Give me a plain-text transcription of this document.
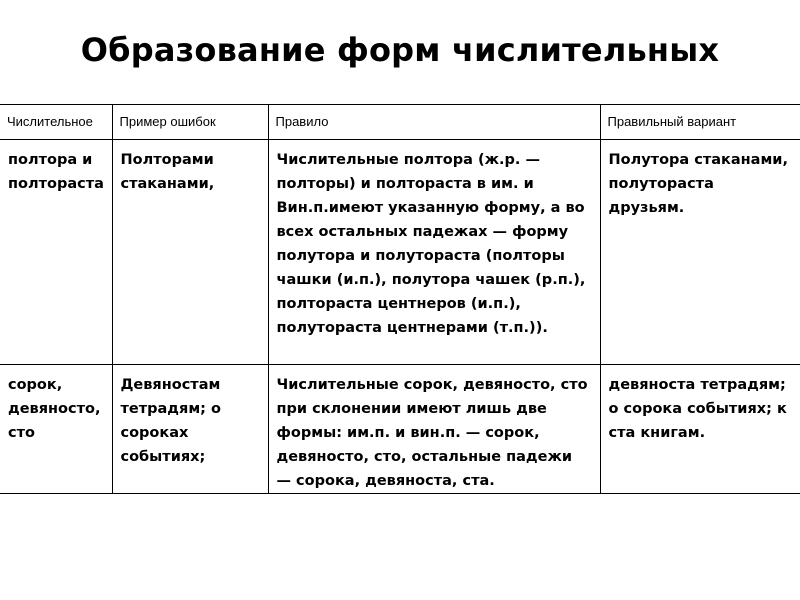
Образование форм числительных
Числительное	Пример ошибок	Правило	Правильный вариант
полтора и полтораста	Полторами стаканами,	Числительные полтора (ж.р. — полторы) и полтораста в им. и Вин.п.имеют указанную форму, а во всех остальных падежах — форму полутора и полутораста (полторы чашки (и.п.), полутора чашек (р.п.), полтораста центнеров (и.п.), полутораста центнерами (т.п.)).	Полутора стаканами, полутораста друзьям.
сорок, девяносто, сто	Девяностам тетрадям; о сороках событиях;	Числительные сорок, девяносто, сто при склонении имеют лишь две формы: им.п. и вин.п. — сорок, девяносто, сто, остальные падежи — сорока, девяноста, ста.	девяноста тетрадям; о сорока событиях; к ста книгам.
